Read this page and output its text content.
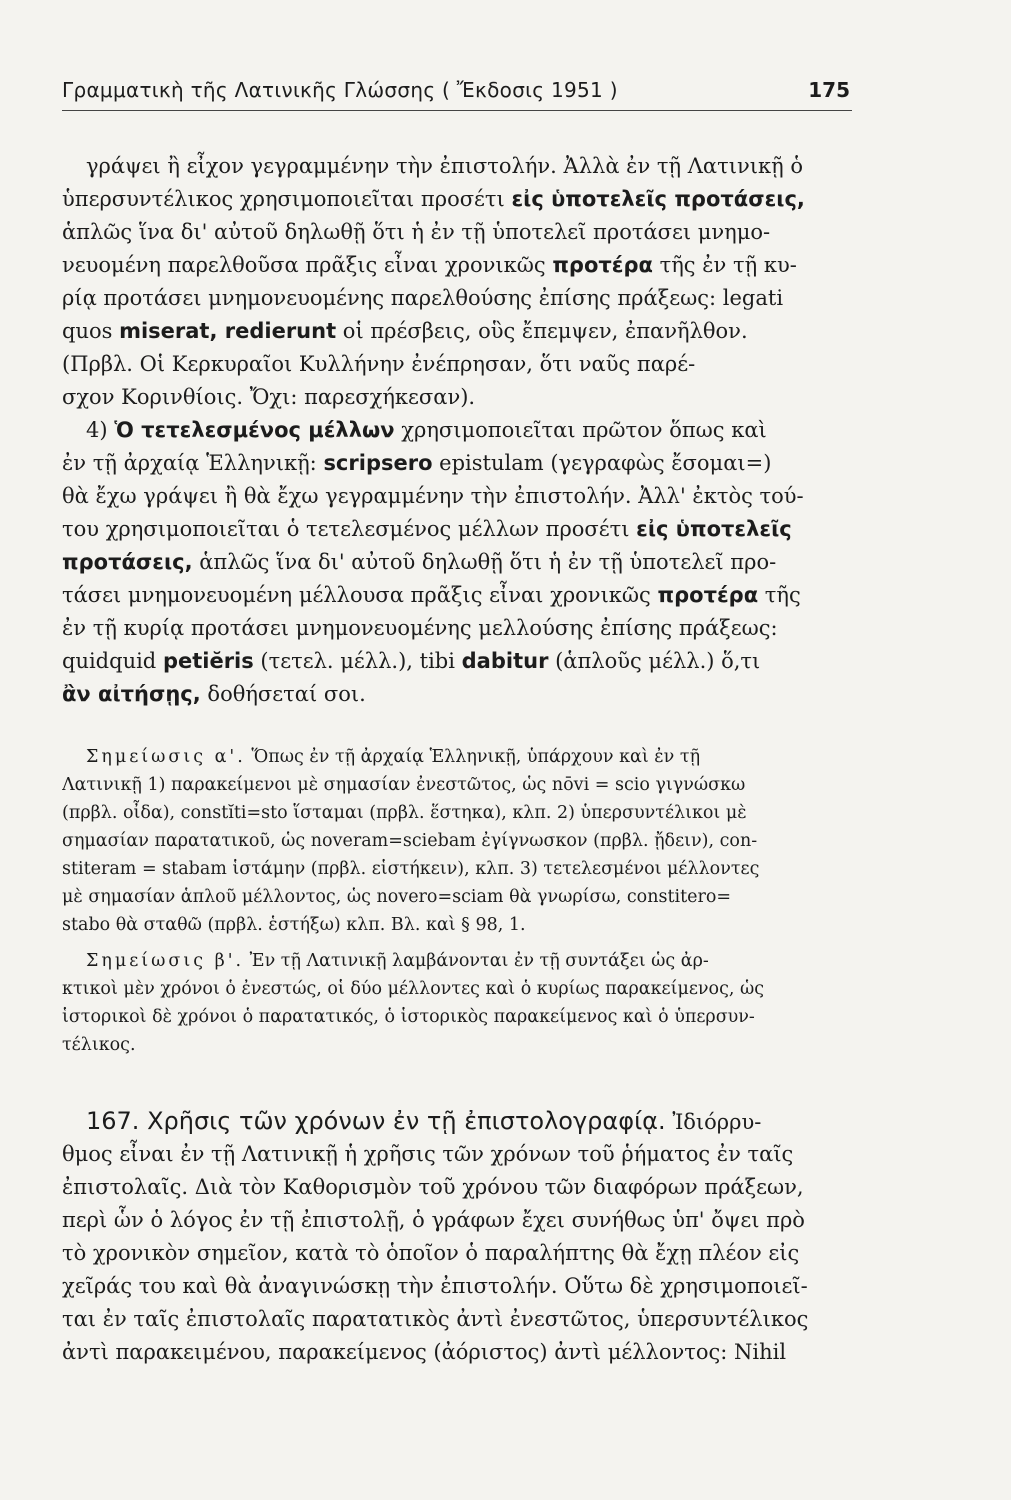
Γραμματικὴ τῆς Λατινικῆς Γλώσσης ( Ἔκδοσις 1951 )	175
γράψει ἢ εἶχον γεγραμμένην τὴν ἐπιστολήν. Ἀλλὰ ἐν τῇ Λατινικῇ ὁ
ὑπερσυντέλικος χρησιμοποιεῖται προσέτι εἰς ὑποτελεῖς προτάσεις,
ἁπλῶς ἵνα δι' αὐτοῦ δηλωθῇ ὅτι ἡ ἐν τῇ ὑποτελεῖ προτάσει μνημο-
νευομένη παρελθοῦσα πρᾶξις εἶναι χρονικῶς προτέρα τῆς ἐν τῇ κυ-
ρίᾳ προτάσει μνημονευομένης παρελθούσης ἐπίσης πράξεως: legati
quos miserat, redierunt οἱ πρέσβεις, οὓς ἔπεμψεν, ἐπανῆλθον.
(Πρβλ. Οἱ Κερκυραῖοι Κυλλήνην ἐνέπρησαν, ὅτι ναῦς παρέ-
σχον Κορινθίοις. Ὄχι: παρεσχήκεσαν).
4) Ὁ τετελεσμένος μέλλων χρησιμοποιεῖται πρῶτον ὅπως καὶ
ἐν τῇ ἀρχαίᾳ Ἑλληνικῇ: scripsero epistulam (γεγραφὼς ἔσομαι=)
θὰ ἔχω γράψει ἢ θὰ ἔχω γεγραμμένην τὴν ἐπιστολήν. Ἀλλ' ἐκτὸς τού-
του χρησιμοποιεῖται ὁ τετελεσμένος μέλλων προσέτι εἰς ὑποτελεῖς
προτάσεις, ἁπλῶς ἵνα δι' αὐτοῦ δηλωθῇ ὅτι ἡ ἐν τῇ ὑποτελεῖ προ-
τάσει μνημονευομένη μέλλουσα πρᾶξις εἶναι χρονικῶς προτέρα τῆς
ἐν τῇ κυρίᾳ προτάσει μνημονευομένης μελλούσης ἐπίσης πράξεως:
quidquid petiĕris (τετελ. μέλλ.), tibi dabitur (ἁπλοῦς μέλλ.) ὅ,τι
ἂν αἰτήσῃς, δοθήσεταί σοι.
Σημείωσις α'. Ὅπως ἐν τῇ ἀρχαίᾳ Ἑλληνικῇ, ὑπάρχουν καὶ ἐν τῇ
Λατινικῇ 1) παρακείμενοι μὲ σημασίαν ἐνεστῶτος, ὡς nōvi = scio γιγνώσκω
(πρβλ. οἶδα), constĭti=sto ἵσταμαι (πρβλ. ἕστηκα), κλπ. 2) ὑπερσυντέλικοι μὲ
σημασίαν παρατατικοῦ, ὡς noveram=sciebam ἐγίγνωσκον (πρβλ. ᾔδειν), con-
stiteram = stabam ἱστάμην (πρβλ. εἱστήκειν), κλπ. 3) τετελεσμένοι μέλλοντες
μὲ σημασίαν ἁπλοῦ μέλλοντος, ὡς novero=sciam θὰ γνωρίσω, constitero=
stabo θὰ σταθῶ (πρβλ. ἑστήξω) κλπ. Βλ. καὶ § 98, 1.
Σημείωσις β'. Ἐν τῇ Λατινικῇ λαμβάνονται ἐν τῇ συντάξει ὡς ἀρ-
κτικοὶ μὲν χρόνοι ὁ ἐνεστώς, οἱ δύο μέλλοντες καὶ ὁ κυρίως παρακείμενος, ὡς
ἱστορικοὶ δὲ χρόνοι ὁ παρατατικός, ὁ ἱστορικὸς παρακείμενος καὶ ὁ ὑπερσυν-
τέλικος.
167. Χρῆσις τῶν χρόνων ἐν τῇ ἐπιστολογραφίᾳ. Ἰδιόρρυ-
θμος εἶναι ἐν τῇ Λατινικῇ ἡ χρῆσις τῶν χρόνων τοῦ ῥήματος ἐν ταῖς
ἐπιστολαῖς. Διὰ τὸν Καθορισμὸν τοῦ χρόνου τῶν διαφόρων πράξεων,
περὶ ὧν ὁ λόγος ἐν τῇ ἐπιστολῇ, ὁ γράφων ἔχει συνήθως ὑπ' ὄψει πρὸ
τὸ χρονικὸν σημεῖον, κατὰ τὸ ὁποῖον ὁ παραλήπτης θὰ ἔχῃ πλέον εἰς
χεῖράς του καὶ θὰ ἀναγινώσκῃ τὴν ἐπιστολήν. Οὕτω δὲ χρησιμοποιεῖ-
ται ἐν ταῖς ἐπιστολαῖς παρατατικὸς ἀντὶ ἐνεστῶτος, ὑπερσυντέλικος
ἀντὶ παρακειμένου, παρακείμενος (ἀόριστος) ἀντὶ μέλλοντος: Nihil
